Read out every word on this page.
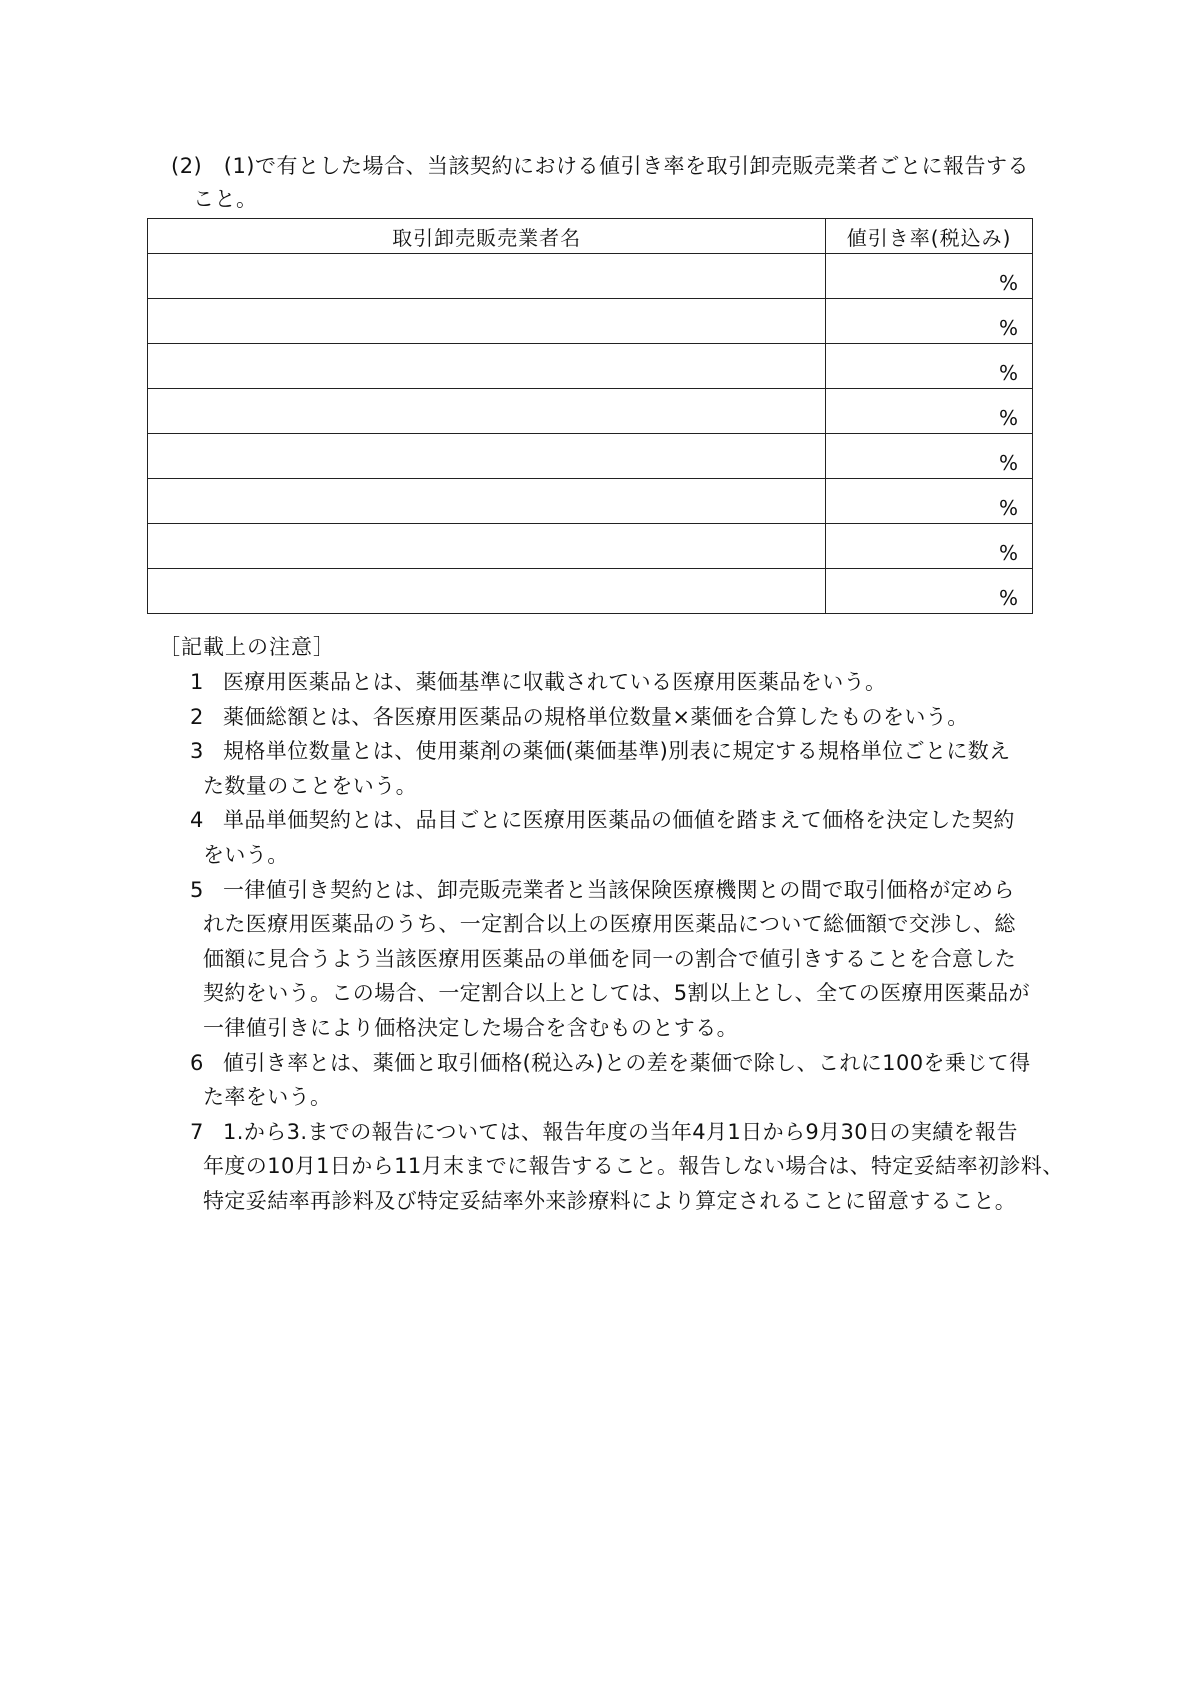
(2)　(1)で有とした場合、当該契約における値引き率を取引卸売販売業者ごとに報告する
こと。
取引卸売販売業者名	値引き率(税込み)
	%
	%
	%
	%
	%
	%
	%
	%
［記載上の注意］
1 医療用医薬品とは、薬価基準に収載されている医療用医薬品をいう。
2 薬価総額とは、各医療用医薬品の規格単位数量×薬価を合算したものをいう。
3 規格単位数量とは、使用薬剤の薬価(薬価基準)別表に規定する規格単位ごとに数え
た数量のことをいう。
4 単品単価契約とは、品目ごとに医療用医薬品の価値を踏まえて価格を決定した契約
をいう。
5 一律値引き契約とは、卸売販売業者と当該保険医療機関との間で取引価格が定めら
れた医療用医薬品のうち、一定割合以上の医療用医薬品について総価額で交渉し、総
価額に見合うよう当該医療用医薬品の単価を同一の割合で値引きすることを合意した
契約をいう。この場合、一定割合以上としては、5割以上とし、全ての医療用医薬品が
一律値引きにより価格決定した場合を含むものとする。
6 値引き率とは、薬価と取引価格(税込み)との差を薬価で除し、これに100を乗じて得
た率をいう。
7 1.から3.までの報告については、報告年度の当年4月1日から9月30日の実績を報告
年度の10月1日から11月末までに報告すること。報告しない場合は、特定妥結率初診料、
特定妥結率再診料及び特定妥結率外来診療料により算定されることに留意すること。
